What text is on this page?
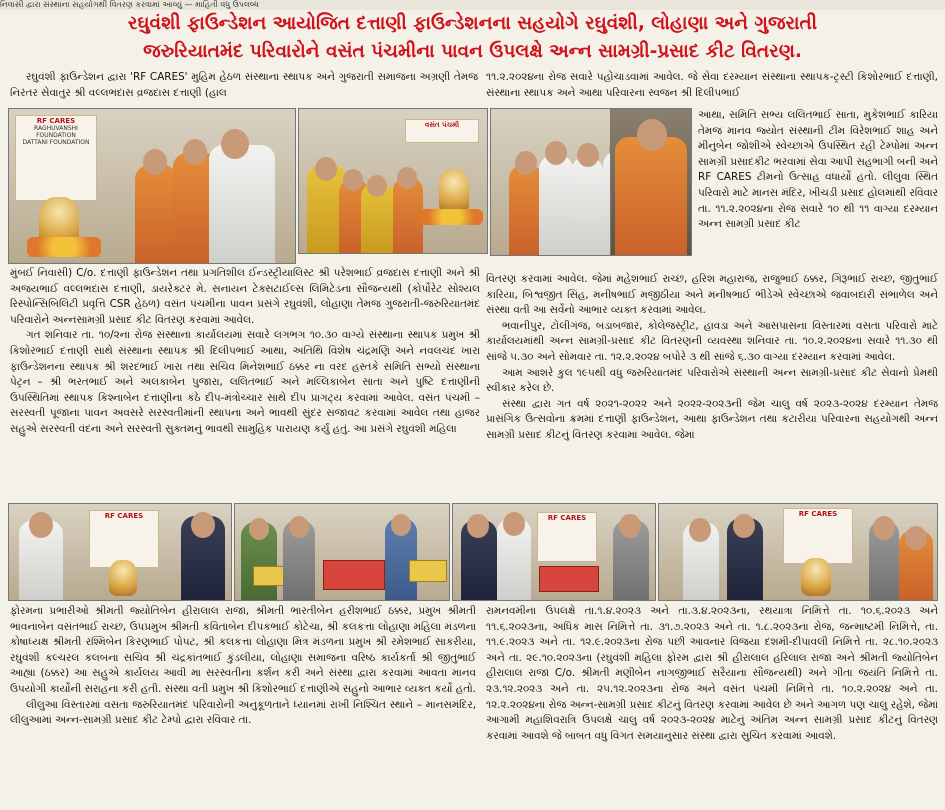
નિવાસી દ્વારા સંસ્થાના સહયોગથી વિતરણ કરવામાં આવ્યું — માહિતી વધુ ઉપલબ્ધ
રઘુવંશી ફાઉન્ડેશન આયોજિત દત્તાણી ફાઉન્ડેશનના સહયોગે રઘુવંશી, લોહાણા અને ગુજરાતી
જરુરિયાતમંદ પરિવારોને વસંત પંચમીના પાવન ઉપલક્ષે અન્ન સામગ્રી-પ્રસાદ કીટ વિતરણ.

રઘુવંશી ફાઉન્ડેશન દ્વારા 'RF CARES' મુહિમ હેઠળ સંસ્થાના સ્થાપક અને ગુજરાતી સમાજના અગ્રણી તેમજ નિરંતર સેવાતુર શ્રી વલ્લભદાસ વ્રજદાસ દત્તાણી (હાલ

૧૧.૨.૨૦૨૪ના રોજ સવારે પહોંચાડવામાં આવેલ. જે સેવા દરમ્યાન સંસ્થાના સ્થાપક-ટ્રસ્ટી કિશોરભાઈ દત્તાણી, સંસ્થાના સ્થાપક અને આથા પરિવારના સ્વજન શ્રી દિલીપભાઈ

RF CARES
RAGHUVANSHI FOUNDATION
DATTANI FOUNDATION
વસંત પંચમી

આથા, સમિતિ સભ્ય લલિતભાઈ સાતા, મુકેશભાઈ કારિયા તેમજ માનવ જ્યોત સંસ્થાની ટીમ વિરેશભાઈ શાહ અને મીનુબેન જોશીએ સ્વેચ્છાએ ઉપસ્થિત રહી ટેમ્પોમાં અન્ન સામગ્રી પ્રસાદકીટ ભરવામાં સેવા આપી સહભાગી બની અને RF CARES ટીમનો ઉત્સાહ વધાર્યો હતો. લીલુવા સ્થિત પરિવારો માટે માનસ મંદિર, ખીચડી પ્રસાદ હોલમાંથી રવિવાર તા. ૧૧.૨.૨૦૨૪ના રોજ સવારે ૧૦ થી ૧૧ વાગ્યા દરમ્યાન અન્ન સામગ્રી પ્રસાદ કીટ

મુંબઈ નિવાસી) C/o. દત્તાણી ફાઉન્ડેશન તથા પ્રગતિશીલ ઈન્ડસ્ટ્રીયાલિસ્ટ શ્રી પરેશભાઈ વ્રજદાસ દત્તાણી અને શ્રી અજયભાઈ વલ્લભદાસ દત્તાણી, ડાયરેક્ટર મે. સનાયન ટેક્સટાઈલ્સ લિમિટેડના સૌજન્યથી (કોર્પોરેટ સોશ્યલ રિસ્પોન્સિબિલિટી પ્રવૃત્તિ CSR હેઠળ) વસંત પંચમીના પાવન પ્રસંગે રઘુવંશી, લોહાણા તેમજ ગુજરાતી-જરુરિયાતમંદ પરિવારોને અન્નસામગ્રી પ્રસાદ કીટ વિતરણ કરવામાં આવેલ.

ગત શનિવાર તા. ૧૦/૨ના રોજ સંસ્થાના કાર્યાલયમાં સવારે લગભગ ૧૦.૩૦ વાગ્યે સંસ્થાના સ્થાપક પ્રમુખ શ્રી કિશોરભાઈ દત્તાણી સાથે સંસ્થાના સ્થાપક શ્રી દિલીપભાઈ આથા, અતિથિ વિશેષ ચંદ્રમણિ અને નવલચંદ ખારા ફાઉન્ડેશનના સ્થાપક શ્રી શરદભાઈ ખારા તથા સચિવ મિનેશભાઈ ઠક્કર ના વરદ હસ્તકે સમિતિ સભ્યો સંસ્થાના પેટ્રન – શ્રી ભરતભાઈ અને અલકાબેન પુજારા, લલિતભાઈ અને મલ્લિકાબેન સાતા અને પુષ્ટિ દત્તાણીની ઉપસ્થિતિમાં સ્થાપક કિશ્નાબેન દત્તાણીના કંઠે દીપ-મંત્રોચ્ચાર સાથે દીપ પ્રાગટ્ય કરવામાં આવેલ. વસંત પંચમી – સરસ્વતી પૂજાના પાવન અવસરે સરસ્વતીમાંની સ્થાપના અને ભાવથી સુંદર સજાવટ કરવામાં આવેલ તથા હાજર સહુએ સરસ્વતી વંદના અને સરસ્વતી સુક્તમનું ભાવથી સામુહિક પારાયણ કર્યું હતું. આ પ્રસંગે રઘુવંશી મહિલા

વિતરણ કરવામાં આવેલ. જેમાં મહેશભાઈ રાચ્છ, હરિશ મહારાજ, રાજુભાઈ ઠક્કર, ગિરૂભાઈ રાચ્છ, જીતુભાઈ કારિયા, બિશ્વજીત સિંહ, મનીષભાઈ મજીઠીયા અને મનીષભાઈ ભીડેએ સ્વેચ્છાએ જવાબદારી સંભાળેલ અને સંસ્થા વતી આ સર્વેનો આભાર વ્યક્ત કરવામાં આવેલ.

ભવાનીપુર, ટોલીગંજ, બડાબજાર, કોલેજસ્ટ્રીટ, હાવડા અને આસપાસના વિસ્તારમાં વસતા પરિવારો માટે કાર્યાલયમાંથી અન્ન સામગ્રી-પ્રસાદ કીટ વિતરણની વ્યવસ્થા શનિવાર તા. ૧૦.૨.૨૦૨૪ના સવારે ૧૧.૩૦ થી સાંજે ૫.૩૦ અને સોમવાર તા. ૧૨.૨.૨૦૨૪ બપોરે ૩ થી સાંજે ૬.૩૦ વાગ્યા દરમ્યાન કરવામાં આવેલ.

આમ આશરે કુલ ૧૯૫થી વધુ જરુરિયાતમંદ પરિવારોએ સંસ્થાની અન્ન સામગ્રી-પ્રસાદ કીટ સેવાનો પ્રેમથી સ્વીકાર કરેલ છે.

સંસ્થા દ્વારા ગત વર્ષ ૨૦૨૧-૨૦૨૨ અને ૨૦૨૨-૨૦૨૩ની જેમ ચાલુ વર્ષ ૨૦૨૩-૨૦૨૪ દરમ્યાન તેમજ પ્રાસંગિક ઉત્સવોના ક્રમમાં દત્તાણી ફાઉન્ડેશન, આથા ફાઉન્ડેશન તથા કટારીયા પરિવારના સહયોગથી અન્ન સામગ્રી પ્રસાદ કીટનું વિતરણ કરવામાં આવેલ. જેમાં

RF CARES	RF CARES	RF CARES

ફોરમના પ્રભારીઓ શ્રીમતી જ્યોતિબેન હીરાલાલ રાજા, શ્રીમતી ભારતીબેન હરીશભાઈ ઠક્કર, પ્રમુખ શ્રીમતી ભાવનાબેન વસંતભાઈ રાચ્છ, ઉપપ્રમુખ શ્રીમતી કવિતાબેન દીપકભાઈ કોટેચા, શ્રી કલકત્તા લોહાણા મહિલા મંડળના કોષાધ્યક્ષ શ્રીમતી રશ્મિબેન કિરણભાઈ પોપટ, શ્રી કલકત્તા લોહાણા મિત્ર મંડળના પ્રમુખ શ્રી રમેશભાઈ સાકરીયા, રઘુવંશી કલ્ચરલ કલબના સચિવ શ્રી ચંદ્રકાંતભાઈ કુંડલીયા, લોહાણા સમાજના વરિષ્ઠ કાર્યકર્તા શ્રી જીતુભાઈ આહ્યા (ઠક્કર) આ સહુએ કાર્યલય આવી મા સરસ્વતીના કર્શન કરી અને સંસ્થા દ્વારા કરવામાં આવતા માનવ ઉપયોગી કાર્યોની સરાહના કરી હતી. સંસ્થા વતી પ્રમુખ શ્રી કિશોરભાઈ દત્તાણીએ સહુનો આભાર વ્યક્ત કર્યો હતો.

લીલુઆ વિસ્તારમાં વસતા જરુરિયાતમંદ પરિવારોની અનુકૂળતાને ધ્યાનમાં રાખી નિશ્ચિત સ્થાને – માનસમંદિર, લીલુઆમાં અન્ન-સામગ્રી પ્રસાદ કીટ ટેમ્પો દ્વારા રવિવાર તા.

રામનવમીના ઉપલક્ષે તા.૧.૪.૨૦૨૩ અને તા.૩.૪.૨૦૨૩ના, રથયાત્રા નિમિત્તે તા. ૧૦.૬.૨૦૨૩ અને ૧૧.૬.૨૦૨૩ના, અધિક માસ નિમિત્તે તા. ૩૧.૭.૨૦૨૩ અને તા. ૧.૮.૨૦૨૩ના રોજ, જન્માષ્ટમી નિમિત્તે, તા. ૧૧.૯.૨૦૨૩ અને તા. ૧૨.૯.૨૦૨૩ના રોજ પછી આવનાર વિજયા દશમી-દીપાવલી નિમિત્તે તા. ૨૮.૧૦.૨૦૨૩ અને તા. ૨૯.૧૦.૨૦૨૩ના (રઘુવંશી મહિલા ફોરમ દ્વારા શ્રી હીરાલાલ હરિલાલ રાજા અને શ્રીમતી જ્યોતિબેન હીરાલાલ રાજા C/o. શ્રીમતી મણીબેન નાગજીભાઈ સરૈયાના સૌજન્યથી) અને ગીતા જયંતિ નિમિત્તે તા. ૨૩.૧૨.૨૦૨૩ અને તા. ૨૫.૧૨.૨૦૨૩ના રોજ અને વસંત પંચમી નિમિત્તે તા. ૧૦.૨.૨૦૨૪ અને તા. ૧૨.૨.૨૦૨૪ના રોજ અન્ન-સામગ્રી પ્રસાદ કીટનું વિતરણ કરવામાં આવેલ છે અને આગળ પણ ચાલુ રહેશે, જેમાં આગામી મહાશિવરાત્રિ ઉપલક્ષે ચાલુ વર્ષ ૨૦૨૩-૨૦૨૪ માટેનું અંતિમ અન્ન સામગ્રી પ્રસાદ કીટનું વિતરણ કરવામાં આવશે જે બાબત વધુ વિગત સમયાનુસાર સંસ્થા દ્વારા સુચિત કરવામાં આવશે.
